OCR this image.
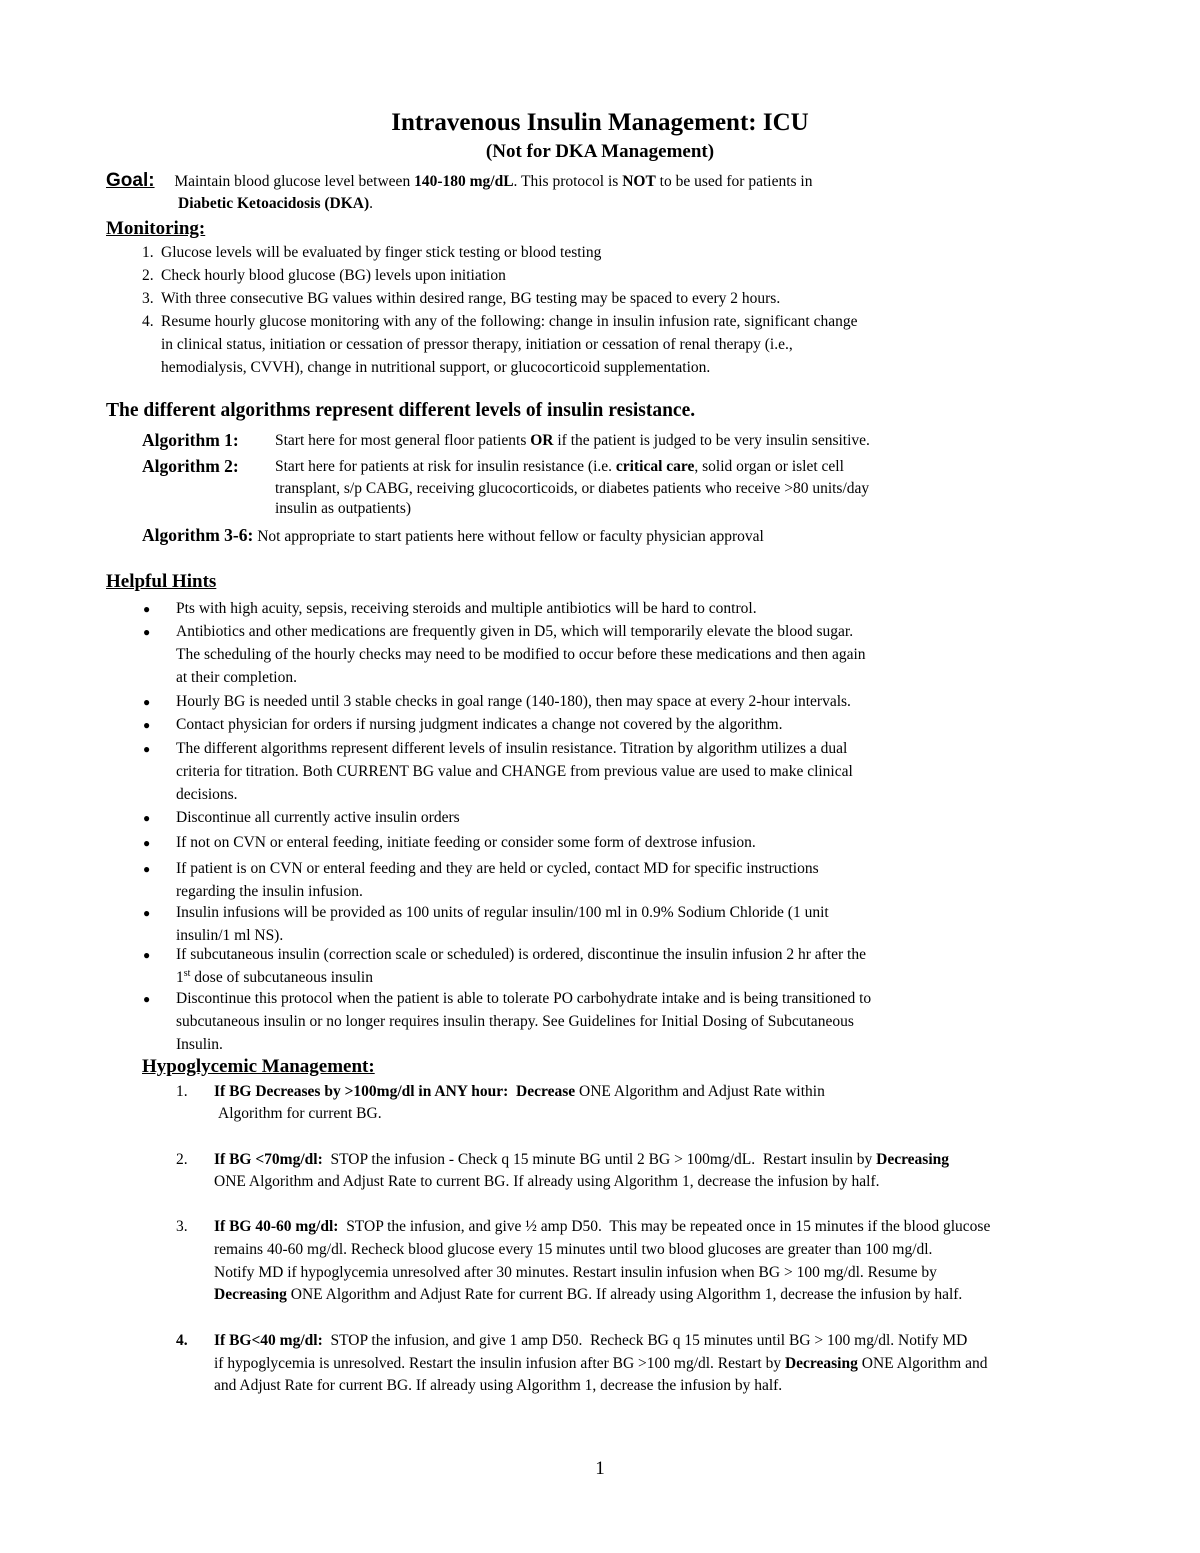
Intravenous Insulin Management: ICU
(Not for DKA Management)
Goal: Maintain blood glucose level between 140-180 mg/dL. This protocol is NOT to be used for patients in
Diabetic Ketoacidosis (DKA).
Monitoring:
1. Glucose levels will be evaluated by finger stick testing or blood testing
2. Check hourly blood glucose (BG) levels upon initiation
3. With three consecutive BG values within desired range, BG testing may be spaced to every 2 hours.
4. Resume hourly glucose monitoring with any of the following: change in insulin infusion rate, significant change
in clinical status, initiation or cessation of pressor therapy, initiation or cessation of renal therapy (i.e.,
hemodialysis, CVVH), change in nutritional support, or glucocorticoid supplementation.
The different algorithms represent different levels of insulin resistance.
Algorithm 1: Start here for most general floor patients OR if the patient is judged to be very insulin sensitive.
Algorithm 2: Start here for patients at risk for insulin resistance (i.e. critical care, solid organ or islet cell
transplant, s/p CABG, receiving glucocorticoids, or diabetes patients who receive >80 units/day
insulin as outpatients)
Algorithm 3-6: Not appropriate to start patients here without fellow or faculty physician approval
Helpful Hints
● Pts with high acuity, sepsis, receiving steroids and multiple antibiotics will be hard to control.
● Antibiotics and other medications are frequently given in D5, which will temporarily elevate the blood sugar.
The scheduling of the hourly checks may need to be modified to occur before these medications and then again
at their completion.
● Hourly BG is needed until 3 stable checks in goal range (140-180), then may space at every 2-hour intervals.
● Contact physician for orders if nursing judgment indicates a change not covered by the algorithm.
● The different algorithms represent different levels of insulin resistance. Titration by algorithm utilizes a dual
criteria for titration. Both CURRENT BG value and CHANGE from previous value are used to make clinical
decisions.
● Discontinue all currently active insulin orders
● If not on CVN or enteral feeding, initiate feeding or consider some form of dextrose infusion.
● If patient is on CVN or enteral feeding and they are held or cycled, contact MD for specific instructions
regarding the insulin infusion.
● Insulin infusions will be provided as 100 units of regular insulin/100 ml in 0.9% Sodium Chloride (1 unit
insulin/1 ml NS).
● If subcutaneous insulin (correction scale or scheduled) is ordered, discontinue the insulin infusion 2 hr after the
1st dose of subcutaneous insulin
● Discontinue this protocol when the patient is able to tolerate PO carbohydrate intake and is being transitioned to
subcutaneous insulin or no longer requires insulin therapy. See Guidelines for Initial Dosing of Subcutaneous
Insulin.
Hypoglycemic Management:
1. If BG Decreases by >100mg/dl in ANY hour: Decrease ONE Algorithm and Adjust Rate within
Algorithm for current BG.
2. If BG <70mg/dl:  STOP the infusion - Check q 15 minute BG until 2 BG > 100mg/dL.  Restart insulin by Decreasing
ONE Algorithm and Adjust Rate to current BG. If already using Algorithm 1, decrease the infusion by half.
3. If BG 40-60 mg/dl:  STOP the infusion, and give ½ amp D50.  This may be repeated once in 15 minutes if the blood glucose
remains 40-60 mg/dl. Recheck blood glucose every 15 minutes until two blood glucoses are greater than 100 mg/dl.
Notify MD if hypoglycemia unresolved after 30 minutes. Restart insulin infusion when BG > 100 mg/dl. Resume by
Decreasing ONE Algorithm and Adjust Rate for current BG. If already using Algorithm 1, decrease the infusion by half.
4. If BG<40 mg/dl:  STOP the infusion, and give 1 amp D50.  Recheck BG q 15 minutes until BG > 100 mg/dl. Notify MD
if hypoglycemia is unresolved. Restart the insulin infusion after BG >100 mg/dl. Restart by Decreasing ONE Algorithm and
and Adjust Rate for current BG. If already using Algorithm 1, decrease the infusion by half.
1
